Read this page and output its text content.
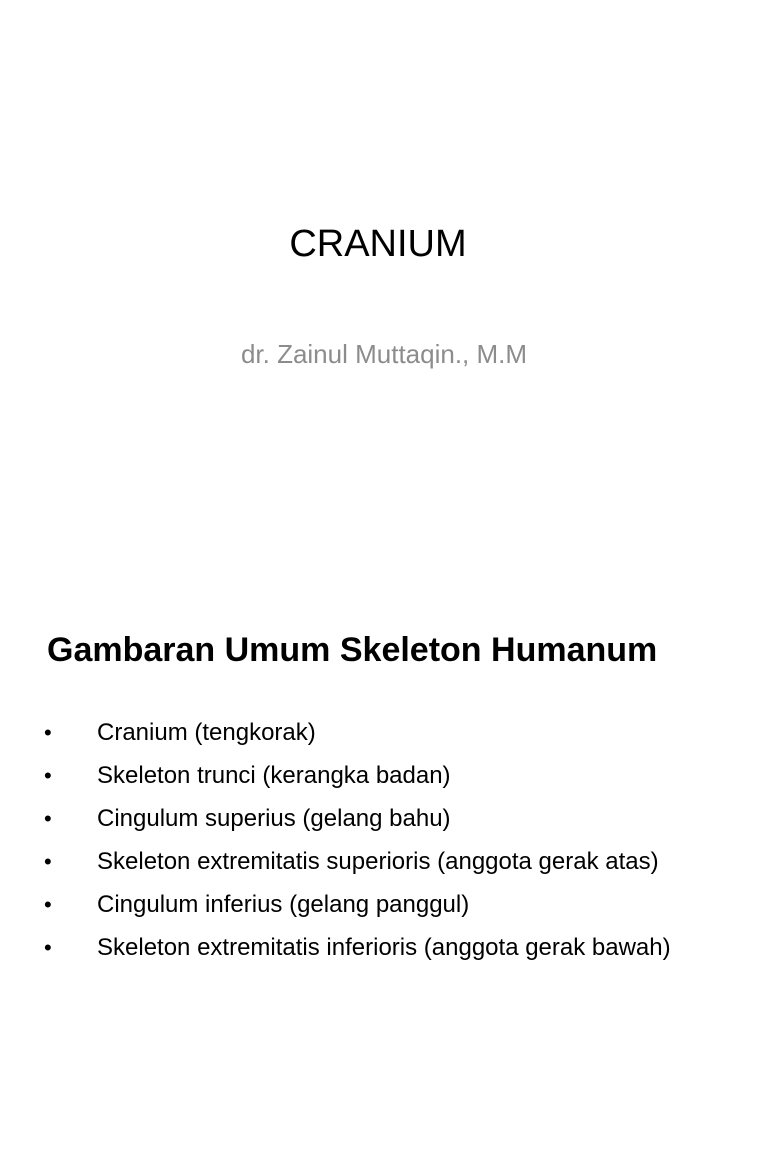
CRANIUM
dr. Zainul Muttaqin., M.M
Gambaran Umum Skeleton Humanum
• Cranium (tengkorak)
• Skeleton trunci (kerangka badan)
• Cingulum superius (gelang bahu)
• Skeleton extremitatis superioris (anggota gerak atas)
• Cingulum inferius (gelang panggul)
• Skeleton extremitatis inferioris (anggota gerak bawah)
